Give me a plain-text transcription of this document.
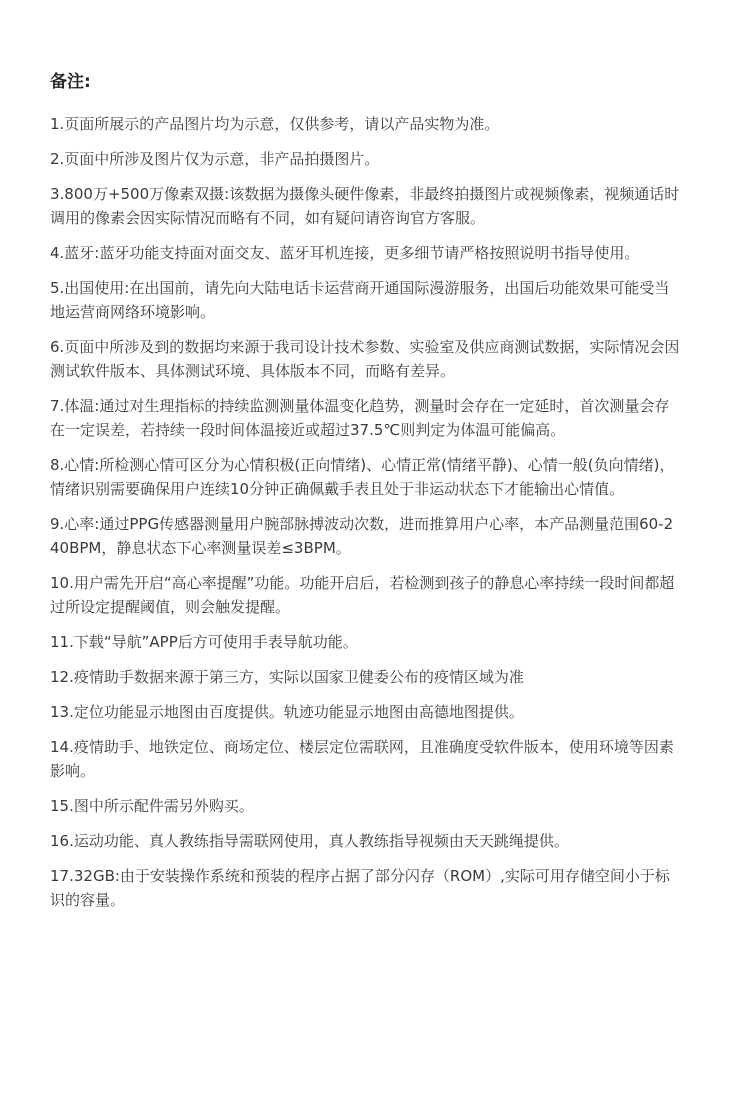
备注:
1.页面所展示的产品图片均为示意，仅供参考，请以产品实物为准。
2.页面中所涉及图片仅为示意，非产品拍摄图片。
3.800万+500万像素双摄:该数据为摄像头硬件像素，非最终拍摄图片或视频像素，视频通话时调用的像素会因实际情况而略有不同，如有疑问请咨询官方客服。
4.蓝牙:蓝牙功能支持面对面交友、蓝牙耳机连接，更多细节请严格按照说明书指导使用。
5.出国使用:在出国前，请先向大陆电话卡运营商开通国际漫游服务，出国后功能效果可能受当地运营商网络环境影响。
6.页面中所涉及到的数据均来源于我司设计技术参数、实验室及供应商测试数据，实际情况会因测试软件版本、具体测试环境、具体版本不同，而略有差异。
7.体温:通过对生理指标的持续监测测量体温变化趋势，测量时会存在一定延时，首次测量会存在一定误差，若持续一段时间体温接近或超过37.5℃则判定为体温可能偏高。
8.心情:所检测心情可区分为心情积极(正向情绪)、心情正常(情绪平静)、心情一般(负向情绪)，情绪识别需要确保用户连续10分钟正确佩戴手表且处于非运动状态下才能输出心情值。
9.心率:通过PPG传感器测量用户腕部脉搏波动次数，进而推算用户心率，本产品测量范围60-240BPM，静息状态下心率测量误差≤3BPM。
10.用户需先开启“高心率提醒”功能。功能开启后，若检测到孩子的静息心率持续一段时间都超过所设定提醒阈值，则会触发提醒。
11.下载“导航”APP后方可使用手表导航功能。
12.疫情助手数据来源于第三方，实际以国家卫健委公布的疫情区域为准
13.定位功能显示地图由百度提供。轨迹功能显示地图由高德地图提供。
14.疫情助手、地铁定位、商场定位、楼层定位需联网，且准确度受软件版本，使用环境等因素影响。
15.图中所示配件需另外购买。
16.运动功能、真人教练指导需联网使用，真人教练指导视频由天天跳绳提供。
17.32GB:由于安装操作系统和预装的程序占据了部分闪存（ROM）,实际可用存储空间小于标识的容量。
